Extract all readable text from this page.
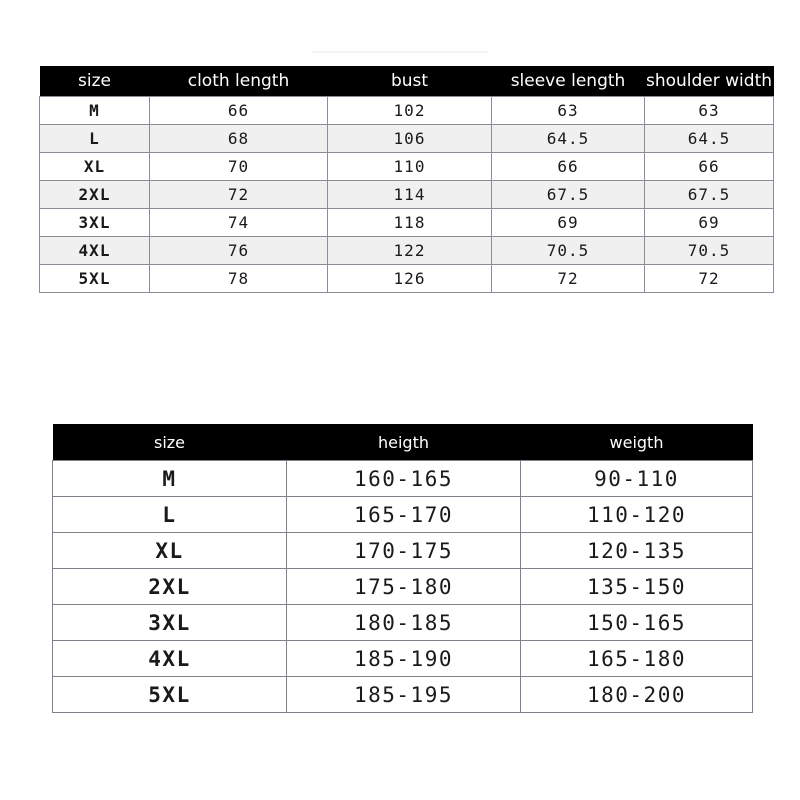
size	cloth length	bust	sleeve length	shoulder width
M	66	102	63	63
L	68	106	64.5	64.5
XL	70	110	66	66
2XL	72	114	67.5	67.5
3XL	74	118	69	69
4XL	76	122	70.5	70.5
5XL	78	126	72	72
size	heigth	weigth
M	160-165	90-110
L	165-170	110-120
XL	170-175	120-135
2XL	175-180	135-150
3XL	180-185	150-165
4XL	185-190	165-180
5XL	185-195	180-200
